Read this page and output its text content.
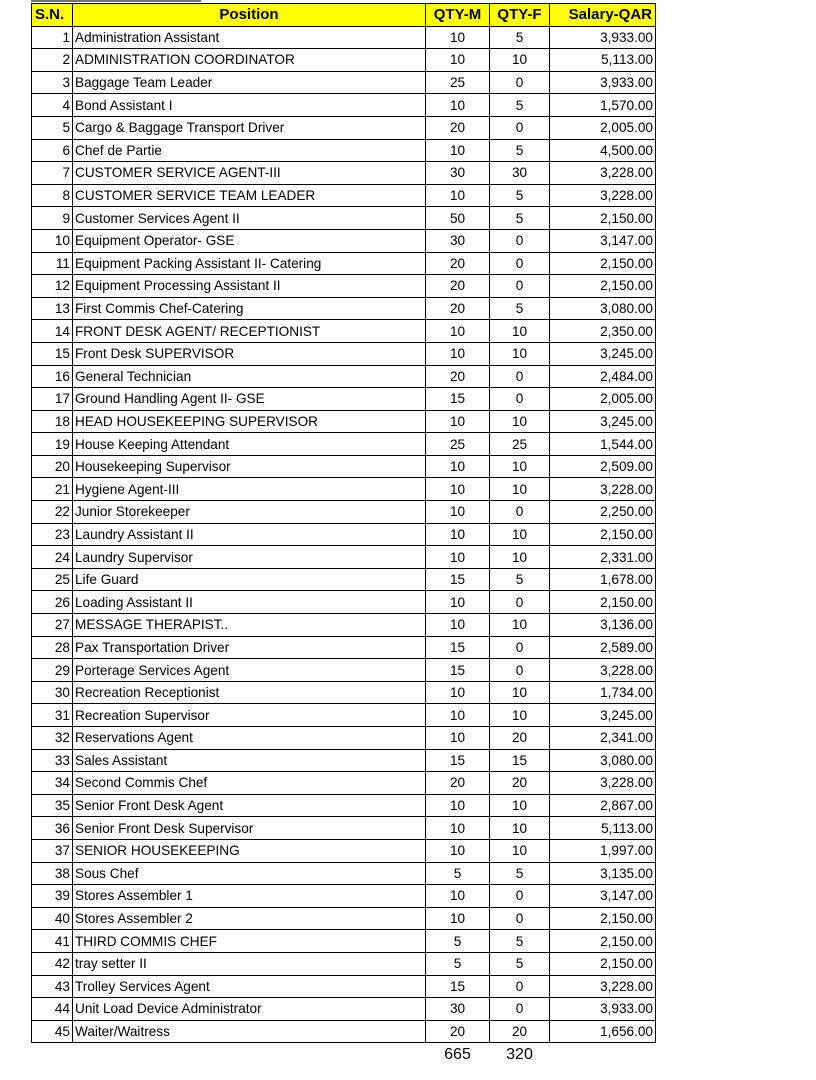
S.N.	Position	QTY-M	QTY-F	Salary-QAR
1	Administration Assistant	10	5	3,933.00
2	ADMINISTRATION COORDINATOR	10	10	5,113.00
3	Baggage Team Leader	25	0	3,933.00
4	Bond Assistant I	10	5	1,570.00
5	Cargo & Baggage Transport Driver	20	0	2,005.00
6	Chef de Partie	10	5	4,500.00
7	CUSTOMER SERVICE AGENT-III	30	30	3,228.00
8	CUSTOMER SERVICE TEAM LEADER	10	5	3,228.00
9	Customer Services Agent II	50	5	2,150.00
10	Equipment Operator- GSE	30	0	3,147.00
11	Equipment Packing Assistant II- Catering	20	0	2,150.00
12	Equipment Processing Assistant II	20	0	2,150.00
13	First Commis Chef-Catering	20	5	3,080.00
14	FRONT DESK AGENT/ RECEPTIONIST	10	10	2,350.00
15	Front Desk SUPERVISOR	10	10	3,245.00
16	General Technician	20	0	2,484.00
17	Ground Handling Agent II- GSE	15	0	2,005.00
18	HEAD HOUSEKEEPING SUPERVISOR	10	10	3,245.00
19	House Keeping Attendant	25	25	1,544.00
20	Housekeeping Supervisor	10	10	2,509.00
21	Hygiene Agent-III	10	10	3,228.00
22	Junior Storekeeper	10	0	2,250.00
23	Laundry Assistant II	10	10	2,150.00
24	Laundry Supervisor	10	10	2,331.00
25	Life Guard	15	5	1,678.00
26	Loading Assistant II	10	0	2,150.00
27	MESSAGE THERAPIST..	10	10	3,136.00
28	Pax Transportation Driver	15	0	2,589.00
29	Porterage Services Agent	15	0	3,228.00
30	Recreation Receptionist	10	10	1,734.00
31	Recreation Supervisor	10	10	3,245.00
32	Reservations Agent	10	20	2,341.00
33	Sales Assistant	15	15	3,080.00
34	Second Commis Chef	20	20	3,228.00
35	Senior Front Desk Agent	10	10	2,867.00
36	Senior Front Desk Supervisor	10	10	5,113.00
37	SENIOR HOUSEKEEPING	10	10	1,997.00
38	Sous Chef	5	5	3,135.00
39	Stores Assembler 1	10	0	3,147.00
40	Stores Assembler 2	10	0	2,150.00
41	THIRD COMMIS CHEF	5	5	2,150.00
42	tray setter II	5	5	2,150.00
43	Trolley Services Agent	15	0	3,228.00
44	Unit Load Device Administrator	30	0	3,933.00
45	Waiter/Waitress	20	20	1,656.00
		665	320	
